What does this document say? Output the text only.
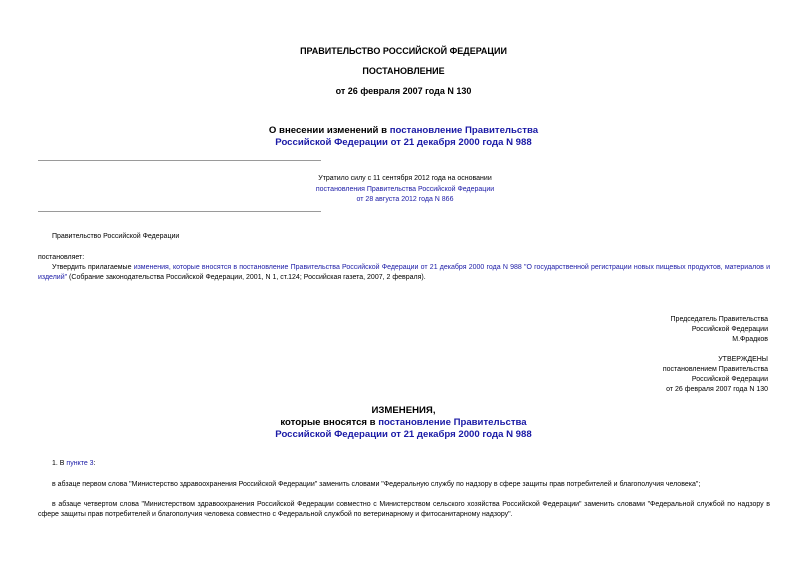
ПРАВИТЕЛЬСТВО РОССИЙСКОЙ ФЕДЕРАЦИИ
ПОСТАНОВЛЕНИЕ
от 26 февраля 2007 года N 130
О внесении изменений в постановление Правительства
Российской Федерации от 21 декабря 2000 года N 988
Утратило силу с 11 сентября 2012 года на основании
постановления Правительства Российской Федерации
от 28 августа 2012 года N 866
Правительство Российской Федерации
постановляет:
Утвердить прилагаемые изменения, которые вносятся в постановление Правительства Российской Федерации от 21 декабря 2000 года N 988 "О государственной регистрации новых пищевых продуктов, материалов и изделий" (Собрание законодательства Российской Федерации, 2001, N 1, ст.124; Российская газета, 2007, 2 февраля).
Председатель Правительства
Российской Федерации
М.Фрадков
УТВЕРЖДЕНЫ
постановлением Правительства
Российской Федерации
от 26 февраля 2007 года N 130
ИЗМЕНЕНИЯ,
которые вносятся в постановление Правительства
Российской Федерации от 21 декабря 2000 года N 988
1. В пункте 3:
в абзаце первом слова "Министерство здравоохранения Российской Федерации" заменить словами "Федеральную службу по надзору в сфере защиты прав потребителей и благополучия человека";
в абзаце четвертом слова "Министерством здравоохранения Российской Федерации совместно с Министерством сельского хозяйства Российской Федерации" заменить словами "Федеральной службой по надзору в сфере защиты прав потребителей и благополучия человека совместно с Федеральной службой по ветеринарному и фитосанитарному надзору".
